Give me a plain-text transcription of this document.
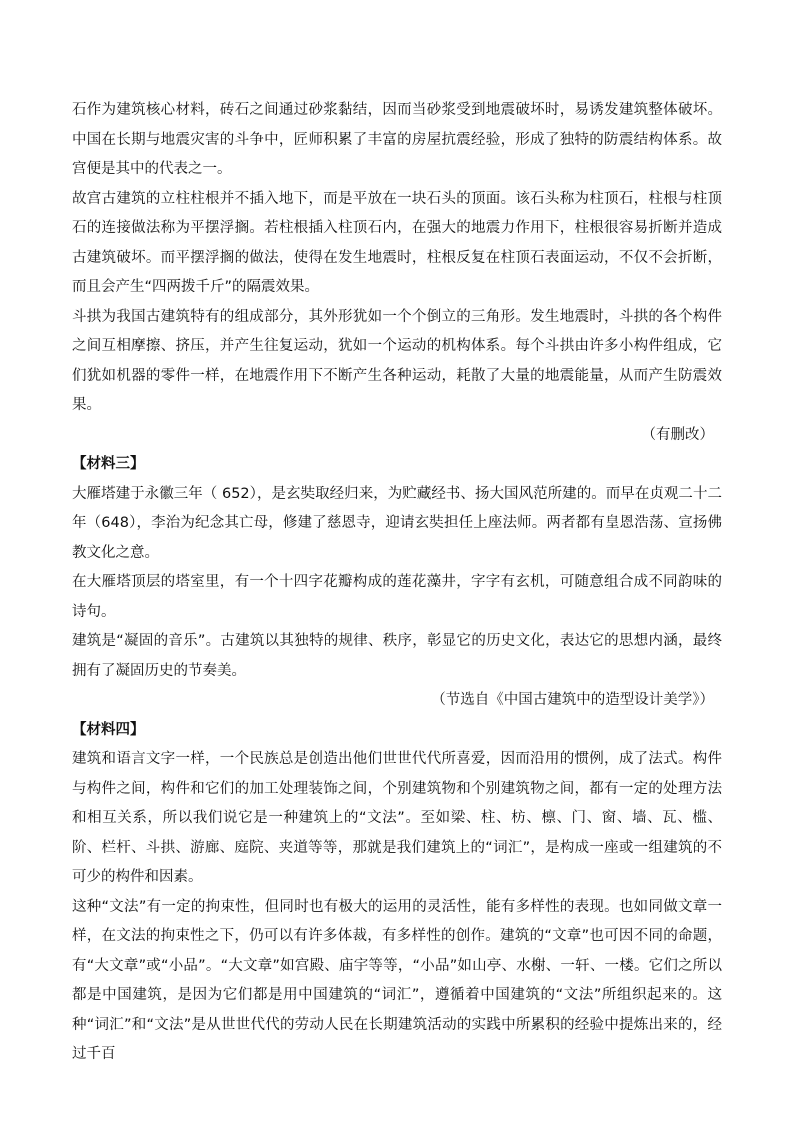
石作为建筑核心材料，砖石之间通过砂浆黏结，因而当砂浆受到地震破坏时，易诱发建筑整体破坏。中国在长期与地震灾害的斗争中，匠师积累了丰富的房屋抗震经验，形成了独特的防震结构体系。故宫便是其中的代表之一。

故宫古建筑的立柱柱根并不插入地下，而是平放在一块石头的顶面。该石头称为柱顶石，柱根与柱顶石的连接做法称为平摆浮搁。若柱根插入柱顶石内，在强大的地震力作用下，柱根很容易折断并造成古建筑破坏。而平摆浮搁的做法，使得在发生地震时，柱根反复在柱顶石表面运动，不仅不会折断，而且会产生“四两拨千斤”的隔震效果。

斗拱为我国古建筑特有的组成部分，其外形犹如一个个倒立的三角形。发生地震时，斗拱的各个构件之间互相摩擦、挤压，并产生往复运动，犹如一个运动的机构体系。每个斗拱由许多小构件组成，它们犹如机器的零件一样，在地震作用下不断产生各种运动，耗散了大量的地震能量，从而产生防震效果。

（有删改）

【材料三】

大雁塔建于永徽三年（ 652），是玄奘取经归来，为贮藏经书、扬大国风范所建的。而早在贞观二十二年（648），李治为纪念其亡母，修建了慈恩寺，迎请玄奘担任上座法师。两者都有皇恩浩荡、宣扬佛教文化之意。

在大雁塔顶层的塔室里，有一个十四字花瓣构成的莲花藻井，字字有玄机，可随意组合成不同韵味的诗句。

建筑是“凝固的音乐”。古建筑以其独特的规律、秩序，彰显它的历史文化，表达它的思想内涵，最终拥有了凝固历史的节奏美。

（节选自《中国古建筑中的造型设计美学》）

【材料四】

建筑和语言文字一样，一个民族总是创造出他们世世代代所喜爱，因而沿用的惯例，成了法式。构件与构件之间，构件和它们的加工处理装饰之间，个别建筑物和个别建筑物之间，都有一定的处理方法和相互关系，所以我们说它是一种建筑上的“文法”。至如梁、柱、枋、檩、门、窗、墙、瓦、槛、阶、栏杆、斗拱、游廊、庭院、夹道等等，那就是我们建筑上的“词汇”，是构成一座或一组建筑的不可少的构件和因素。

这种“文法”有一定的拘束性，但同时也有极大的运用的灵活性，能有多样性的表现。也如同做文章一样，在文法的拘束性之下，仍可以有许多体裁，有多样性的创作。建筑的“文章”也可因不同的命题，有“大文章”或“小品”。“大文章”如宫殿、庙宇等等，“小品”如山亭、水榭、一轩、一楼。它们之所以都是中国建筑，是因为它们都是用中国建筑的“词汇”，遵循着中国建筑的“文法”所组织起来的。这种“词汇”和“文法”是从世世代代的劳动人民在长期建筑活动的实践中所累积的经验中提炼出来的，经过千百
